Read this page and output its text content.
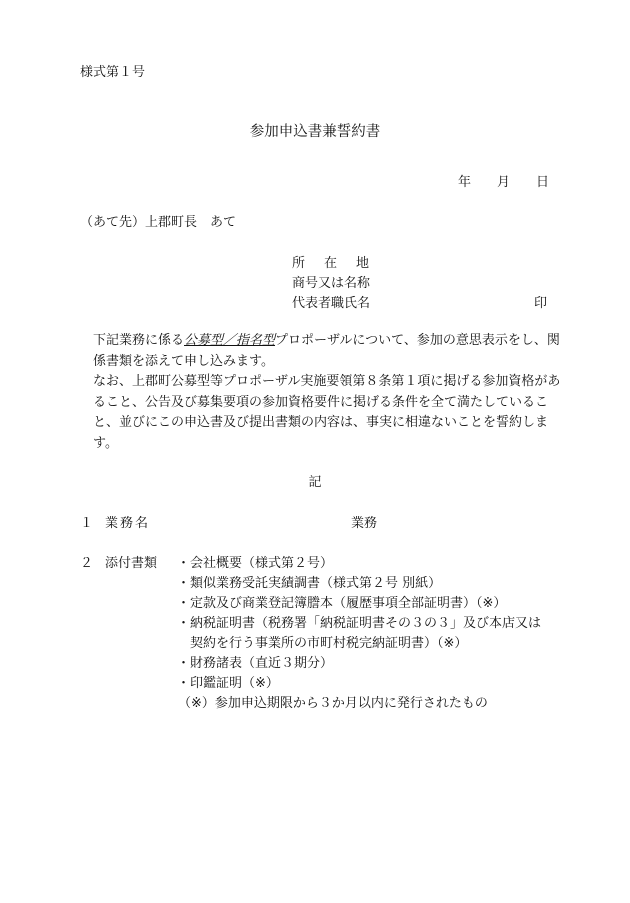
様式第１号
参加申込書兼誓約書
年 月 日
（あて先）上郡町長　あて
所 在 地
商号又は名称
代表者職氏名	印
下記業務に係る公募型／指名型プロポーザルについて、参加の意思表示をし、関係書類を添えて申し込みます。
なお、上郡町公募型等プロポーザル実施要領第８条第１項に掲げる参加資格があること、公告及び募集要項の参加資格要件に掲げる条件を全て満たしていること、並びにこの申込書及び提出書類の内容は、事実に相違ないことを誓約します。
記
１ 業務名	業務
２ 添付書類 ・会社概要（様式第２号）
・類似業務受託実績調書（様式第２号 別紙）
・定款及び商業登記簿謄本（履歴事項全部証明書）（※）
・納税証明書（税務署「納税証明書その３の３」及び本店又は
　契約を行う事業所の市町村税完納証明書）（※）
・財務諸表（直近３期分）
・印鑑証明（※）
（※）参加申込期限から３か月以内に発行されたもの
